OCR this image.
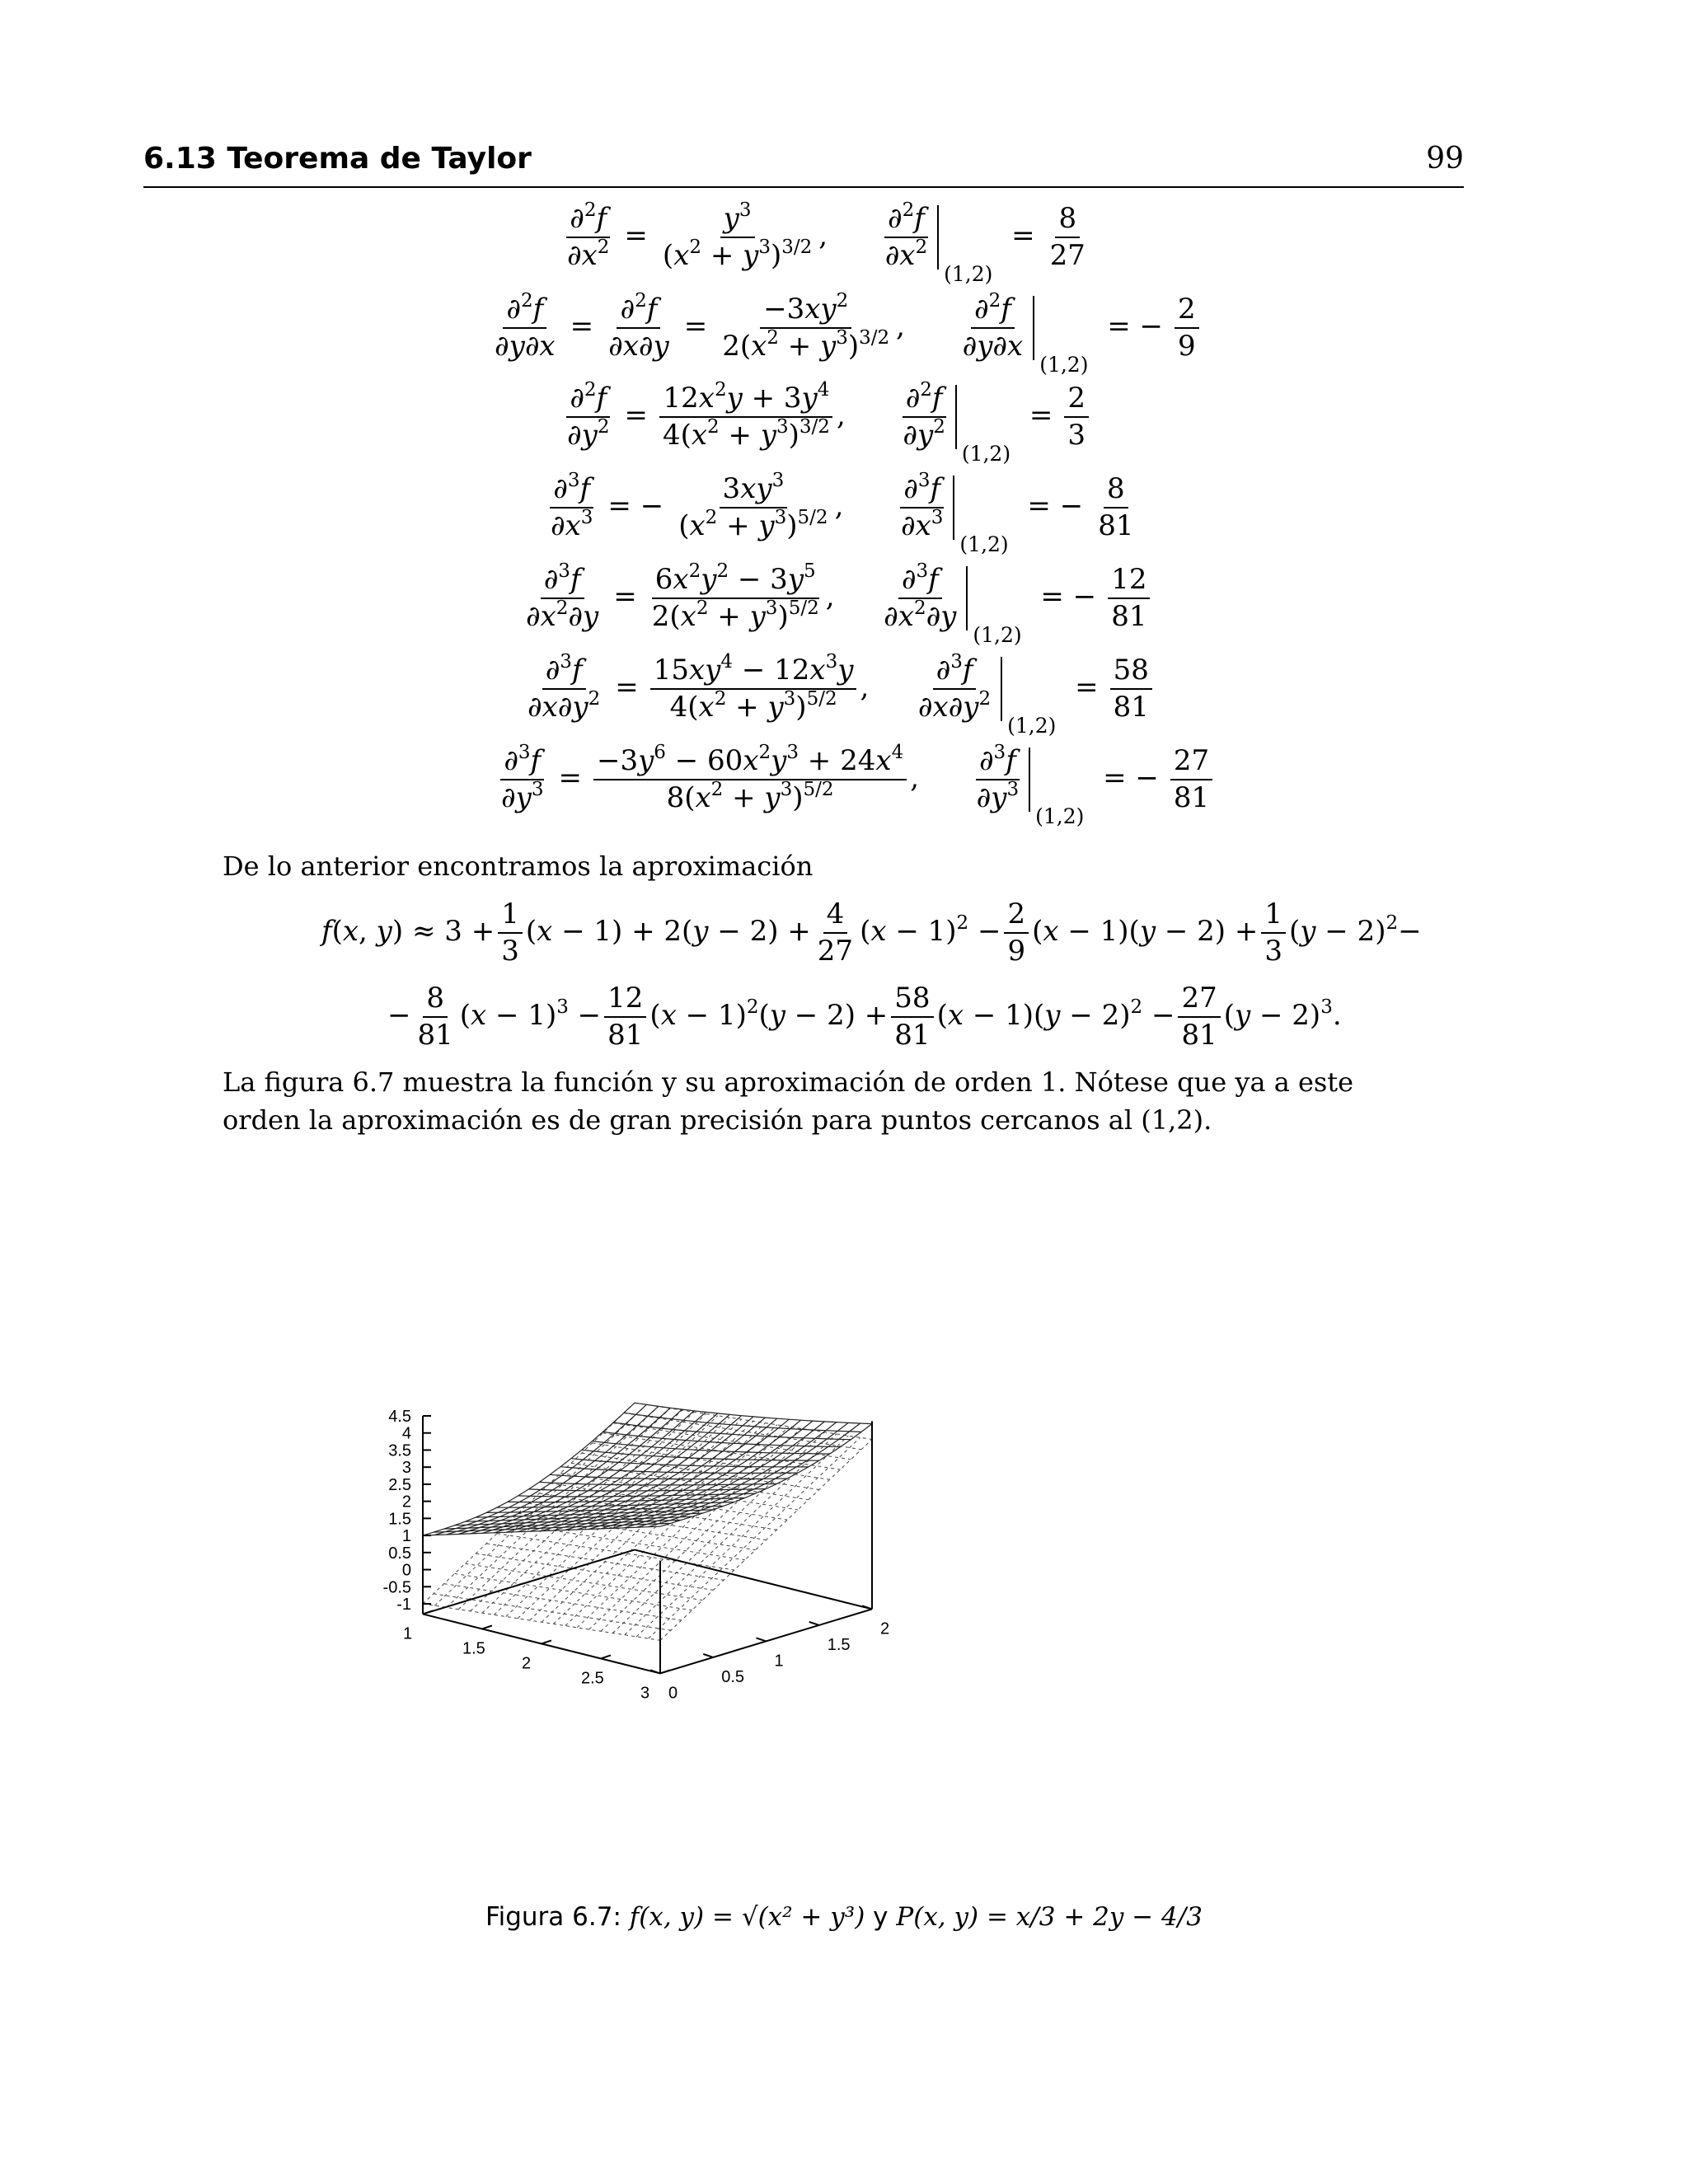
6.13 Teorema de Taylor	99
$\frac{\partial^2f}{\partial x^2} = \frac{y^3}{(x^2 + y^3)^{3/2}}$ , $\frac{\partial^2f}{\partial x^2}$
(1,2)
= $\frac{8}{27}$
$\frac{\partial^2f}{\partial y\partial x} = \frac{\partial^2f}{\partial x\partial y} = \frac{-3xy^2}{2(x^2 + y^3)^{3/2}}$ , $\frac{\partial^2f}{\partial y\partial x}$
(1,2)
= − $\frac{2}{9}$
$\frac{\partial^2f}{\partial y^2} = \frac{12x^2y + 3y^4}{4(x^2 + y^3)^{3/2}}$ , $\frac{\partial^2f}{\partial y^2}$
(1,2)
= $\frac{2}{3}$
$\frac{\partial^3f}{\partial x^3}$ = − $\frac{3xy^3}{(x^2 + y^3)^{5/2}}$ , $\frac{\partial^3f}{\partial x^3}$
(1,2)
= − $\frac{8}{81}$
$\frac{\partial^3f}{\partial x^2\partial y} = \frac{6x^2y^2 - 3y^5}{2(x^2 + y^3)^{5/2}}$ , $\frac{\partial^3f}{\partial x^2\partial y}$
(1,2)
= − $\frac{12}{81}$
$\frac{\partial^3f}{\partial x\partial y^2} = \frac{15xy^4 - 12x^3y}{4(x^2 + y^3)^{5/2}}$ , $\frac{\partial^3f}{\partial x\partial y^2}$
(1,2)
= $\frac{58}{81}$
$\frac{\partial^3f}{\partial y^3} = \frac{-3y^6 - 60x^2y^3 + 24x^4}{8(x^2 + y^3)^{5/2}}$ , $\frac{\partial^3f}{\partial y^3}$
(1,2)
= − $\frac{27}{81}$
De lo anterior encontramos la aproximación
f(x, $y) \approx 3 + \frac{1}{3} (x - 1) + 2(y - 2) + \frac{4}{27} (x - 1)^2 - \frac{2}{9} (x - 1)(y - 2) + \frac{1}{3} (y - 2)^2-$
− $\frac{8}{81} (x - 1)^3 - \frac{12}{81} (x - 1)^2(y - 2) + \frac{58}{81} (x - 1)(y - 2)^2 - \frac{27}{81} (y - 2)^3$.
La figura 6.7 muestra la función y su aproximación de orden 1. Nótese que ya a este orden la aproximación es de gran precisión para puntos cercanos al (1,2).
4.5
4
3.5
3
2.5
2
1.5
1
0.5
0
-0.5
-1
1
1.5
2
2.5
3 0
0.5
1
1.5
2
Figura 6.7: f(x, y) = √(x² + y³) y P(x, y) = x/3 + 2y − 4/3
